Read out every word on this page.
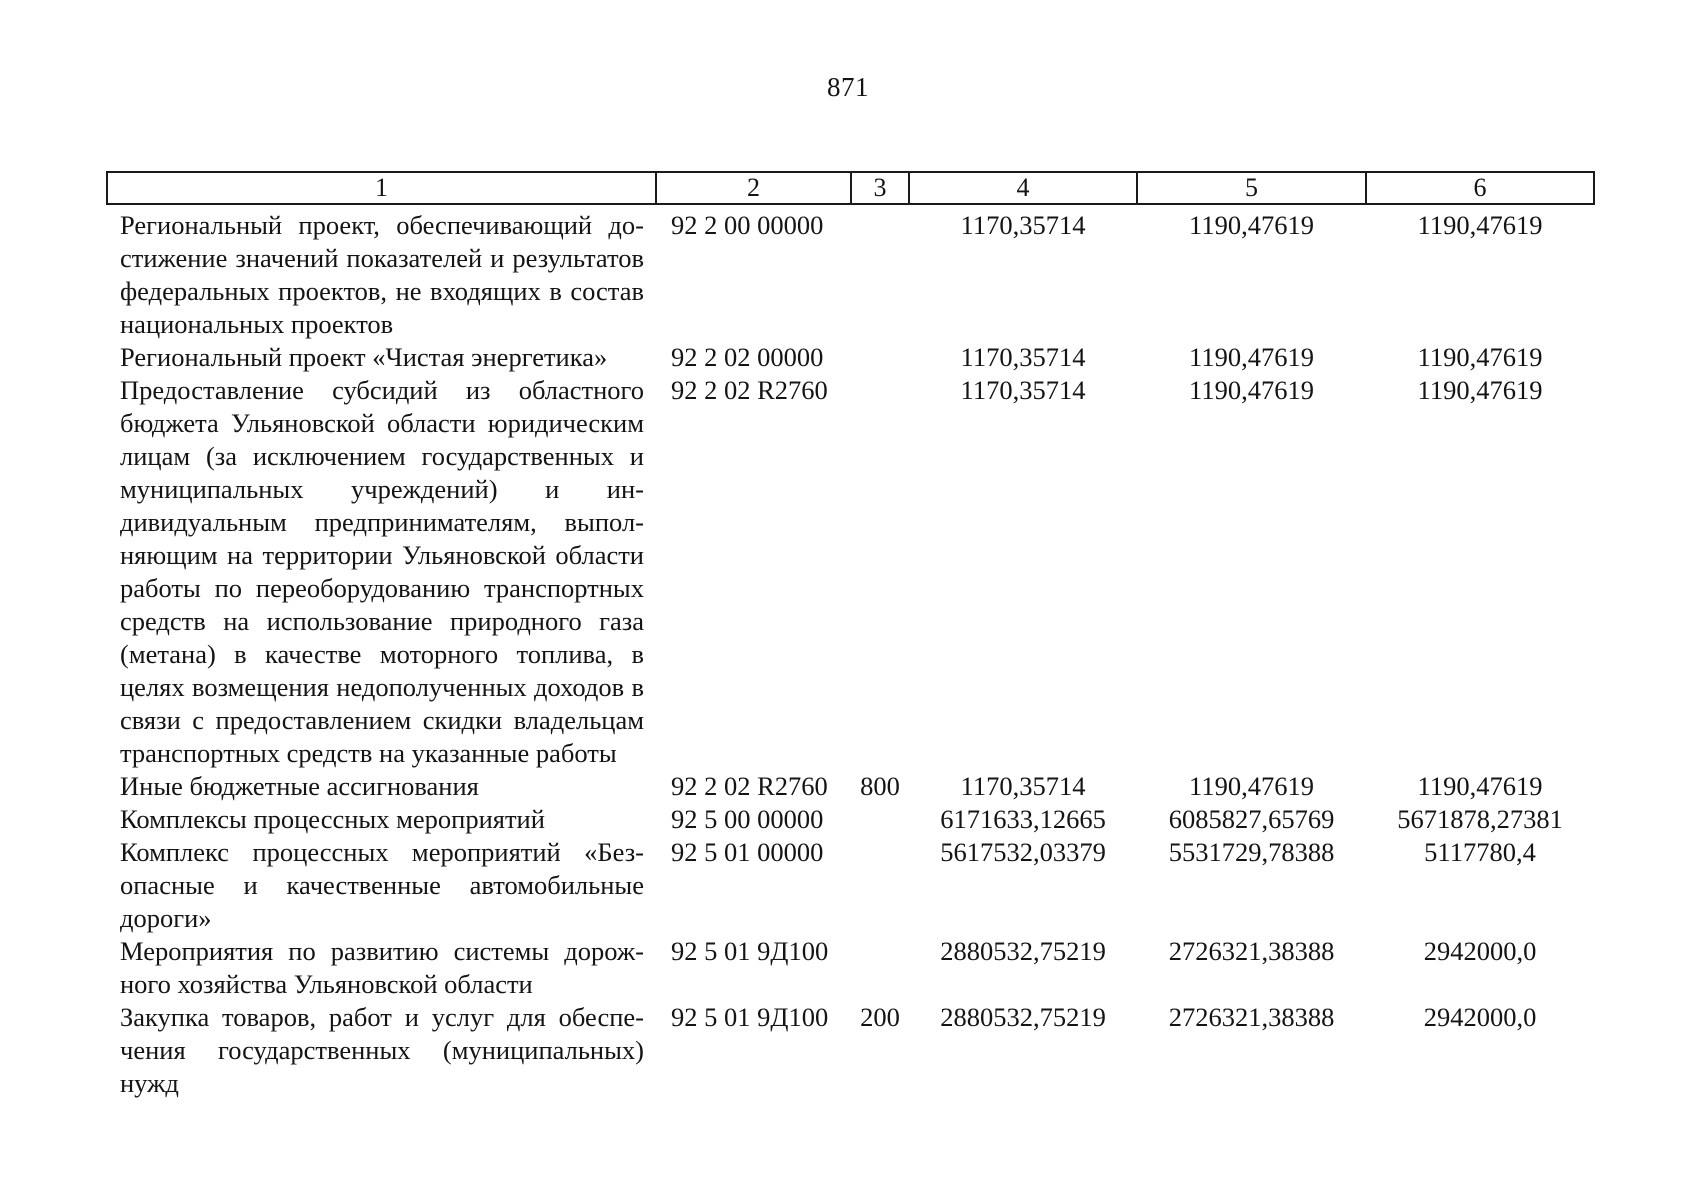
871
1	2	3	4	5	6
Региональный проект, обеспечивающий достижение значений показателей и результатов федеральных проектов, не входящих в состав национальных проектов	92 2 00 00000		1170,35714	1190,47619	1190,47619
Региональный проект «Чистая энергетика»	92 2 02 00000		1170,35714	1190,47619	1190,47619
Предоставление субсидий из областного бюджета Ульяновской области юридическим лицам (за исключением государственных и муниципальных учреждений) и индивидуальным предпринимателям, выполняющим на территории Ульяновской области работы по переоборудованию транспортных средств на использование природного газа (метана) в качестве моторного топлива, в целях возмещения недополученных доходов в связи с предоставлением скидки владельцам транспортных средств на указанные работы	92 2 02 R2760		1170,35714	1190,47619	1190,47619
Иные бюджетные ассигнования	92 2 02 R2760	800	1170,35714	1190,47619	1190,47619
Комплексы процессных мероприятий	92 5 00 00000		6171633,12665	6085827,65769	5671878,27381
Комплекс процессных мероприятий «Безопасные и качественные автомобильные дороги»	92 5 01 00000		5617532,03379	5531729,78388	5117780,4
Мероприятия по развитию системы дорожного хозяйства Ульяновской области	92 5 01 9Д100		2880532,75219	2726321,38388	2942000,0
Закупка товаров, работ и услуг для обеспечения государственных (муниципальных) нужд	92 5 01 9Д100	200	2880532,75219	2726321,38388	2942000,0
